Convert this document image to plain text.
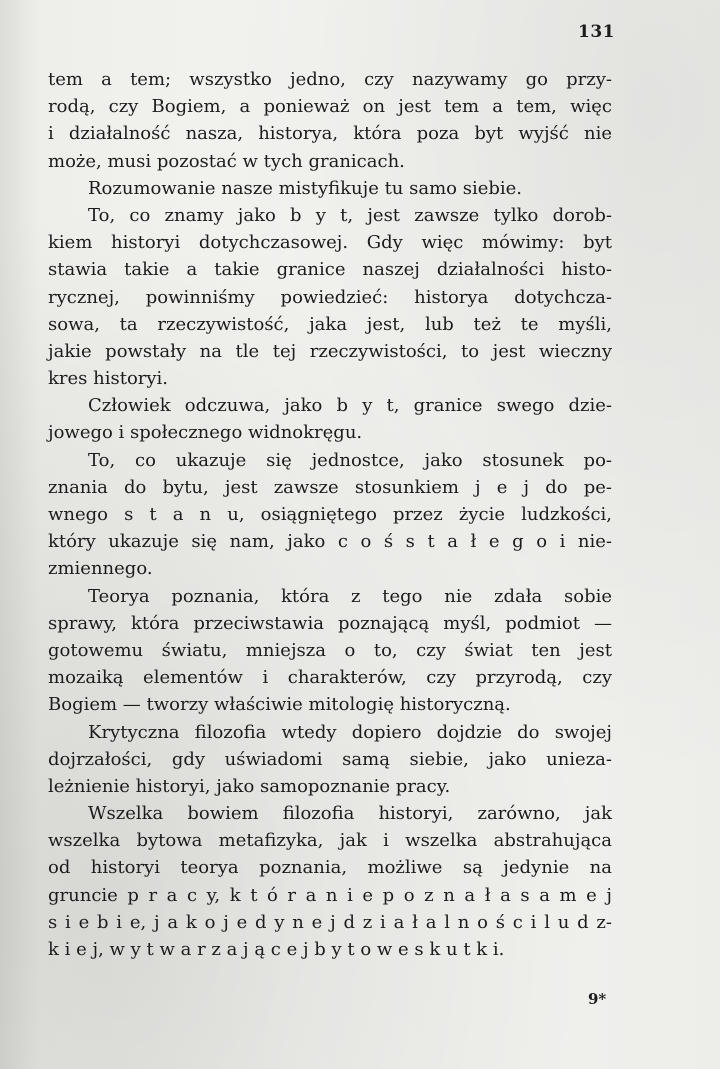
131
tem a tem; wszystko jedno, czy nazywamy go przy-
rodą, czy Bogiem, a ponieważ on jest tem a tem, więc
i działalność nasza, historya, która poza byt wyjść nie
może, musi pozostać w tych granicach.
Rozumowanie nasze mistyfikuje tu samo siebie.
To, co znamy jako b y t, jest zawsze tylko dorob-
kiem historyi dotychczasowej. Gdy więc mówimy: byt
stawia takie a takie granice naszej działalności histo-
rycznej, powinniśmy powiedzieć: historya dotychcza-
sowa, ta rzeczywistość, jaka jest, lub też te myśli,
jakie powstały na tle tej rzeczywistości, to jest wieczny
kres historyi.
Człowiek odczuwa, jako b y t, granice swego dzie-
jowego i społecznego widnokręgu.
To, co ukazuje się jednostce, jako stosunek po-
znania do bytu, jest zawsze stosunkiem j e j do pe-
wnego s t a n u, osiągniętego przez życie ludzkości,
który ukazuje się nam, jako c o ś s t a ł e g o i nie-
zmiennego.
Teorya poznania, która z tego nie zdała sobie
sprawy, która przeciwstawia poznającą myśl, podmiot —
gotowemu światu, mniejsza o to, czy świat ten jest
mozaiką elementów i charakterów, czy przyrodą, czy
Bogiem — tworzy właściwie mitologię historyczną.
Krytyczna filozofia wtedy dopiero dojdzie do swojej
dojrzałości, gdy uświadomi samą siebie, jako unieza-
leżnienie historyi, jako samopoznanie pracy.
Wszelka bowiem filozofia historyi, zarówno, jak
wszelka bytowa metafizyka, jak i wszelka abstrahująca
od historyi teorya poznania, możliwe są jedynie na
gruncie p r a c y, k t ó r a n i e p o z n a ł a s a m e j
s i e b i e, j a k o j e d y n e j d z i a ł a l n o ś c i l u d z-
k i e j, w y t w a r z a j ą c e j b y t o w e s k u t k i.
9*
